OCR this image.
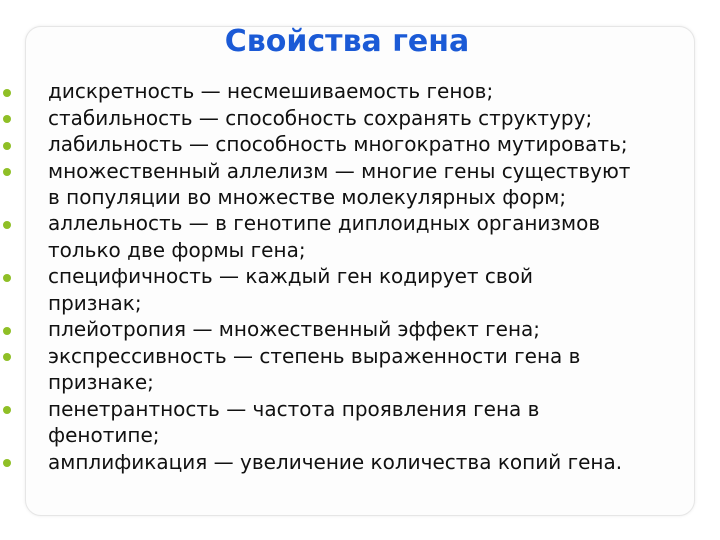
Свойства гена
дискретность — несмешиваемость генов;
стабильность — способность сохранять структуру;
лабильность — способность многократно мутировать;
множественный аллелизм — многие гены существуют
в популяции во множестве молекулярных форм;
аллельность — в генотипе диплоидных организмов
только две формы гена;
специфичность — каждый ген кодирует свой
признак;
плейотропия — множественный эффект гена;
экспрессивность — степень выраженности гена в
признаке;
пенетрантность — частота проявления гена в
фенотипе;
амплификация — увеличение количества копий гена.
